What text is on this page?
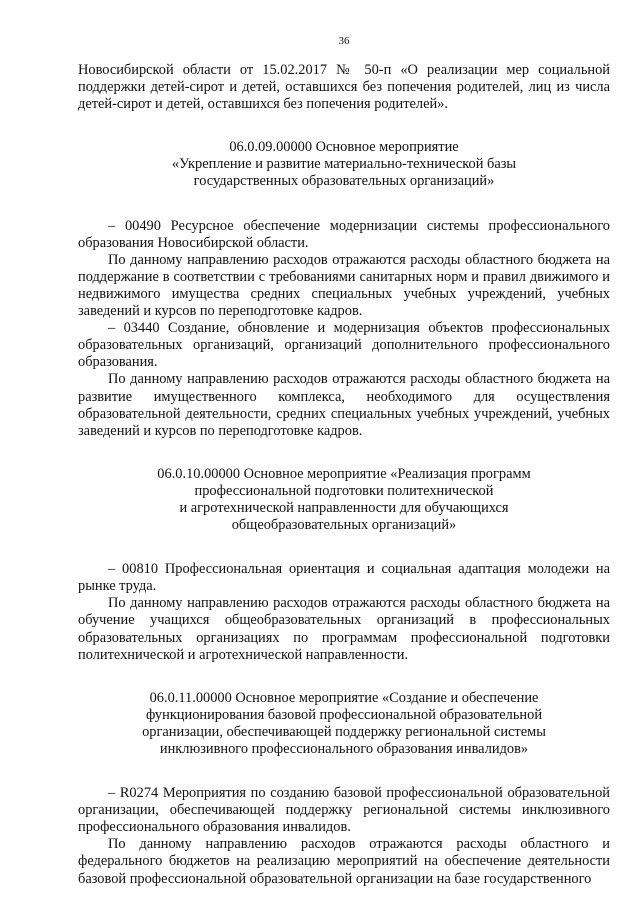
36

Новосибирской области от 15.02.2017 № 50-п «О реализации мер социальной поддержки детей-сирот и детей, оставшихся без попечения родителей, лиц из числа детей-сирот и детей, оставшихся без попечения родителей».

06.0.09.00000 Основное мероприятие
«Укрепление и развитие материально-технической базы
государственных образовательных организаций»

– 00490 Ресурсное обеспечение модернизации системы профессионального образования Новосибирской области.

По данному направлению расходов отражаются расходы областного бюджета на поддержание в соответствии с требованиями санитарных норм и правил движимого и недвижимого имущества средних специальных учебных учреждений, учебных заведений и курсов по переподготовке кадров.

– 03440 Создание, обновление и модернизация объектов профессиональных образовательных организаций, организаций дополнительного профессионального образования.

По данному направлению расходов отражаются расходы областного бюджета на развитие имущественного комплекса, необходимого для осуществления образовательной деятельности, средних специальных учебных учреждений, учебных заведений и курсов по переподготовке кадров.

06.0.10.00000 Основное мероприятие «Реализация программ
профессиональной подготовки политехнической
и агротехнической направленности для обучающихся
общеобразовательных организаций»

– 00810 Профессиональная ориентация и социальная адаптация молодежи на рынке труда.

По данному направлению расходов отражаются расходы областного бюджета на обучение учащихся общеобразовательных организаций в профессиональных образовательных организациях по программам профессиональной подготовки политехнической и агротехнической направленности.

06.0.11.00000 Основное мероприятие «Создание и обеспечение
функционирования базовой профессиональной образовательной
организации, обеспечивающей поддержку региональной системы
инклюзивного профессионального образования инвалидов»

– R0274 Мероприятия по созданию базовой профессиональной образовательной организации, обеспечивающей поддержку региональной системы инклюзивного профессионального образования инвалидов.

По данному направлению расходов отражаются расходы областного и федерального бюджетов на реализацию мероприятий на обеспечение деятельности базовой профессиональной образовательной организации на базе государственного
